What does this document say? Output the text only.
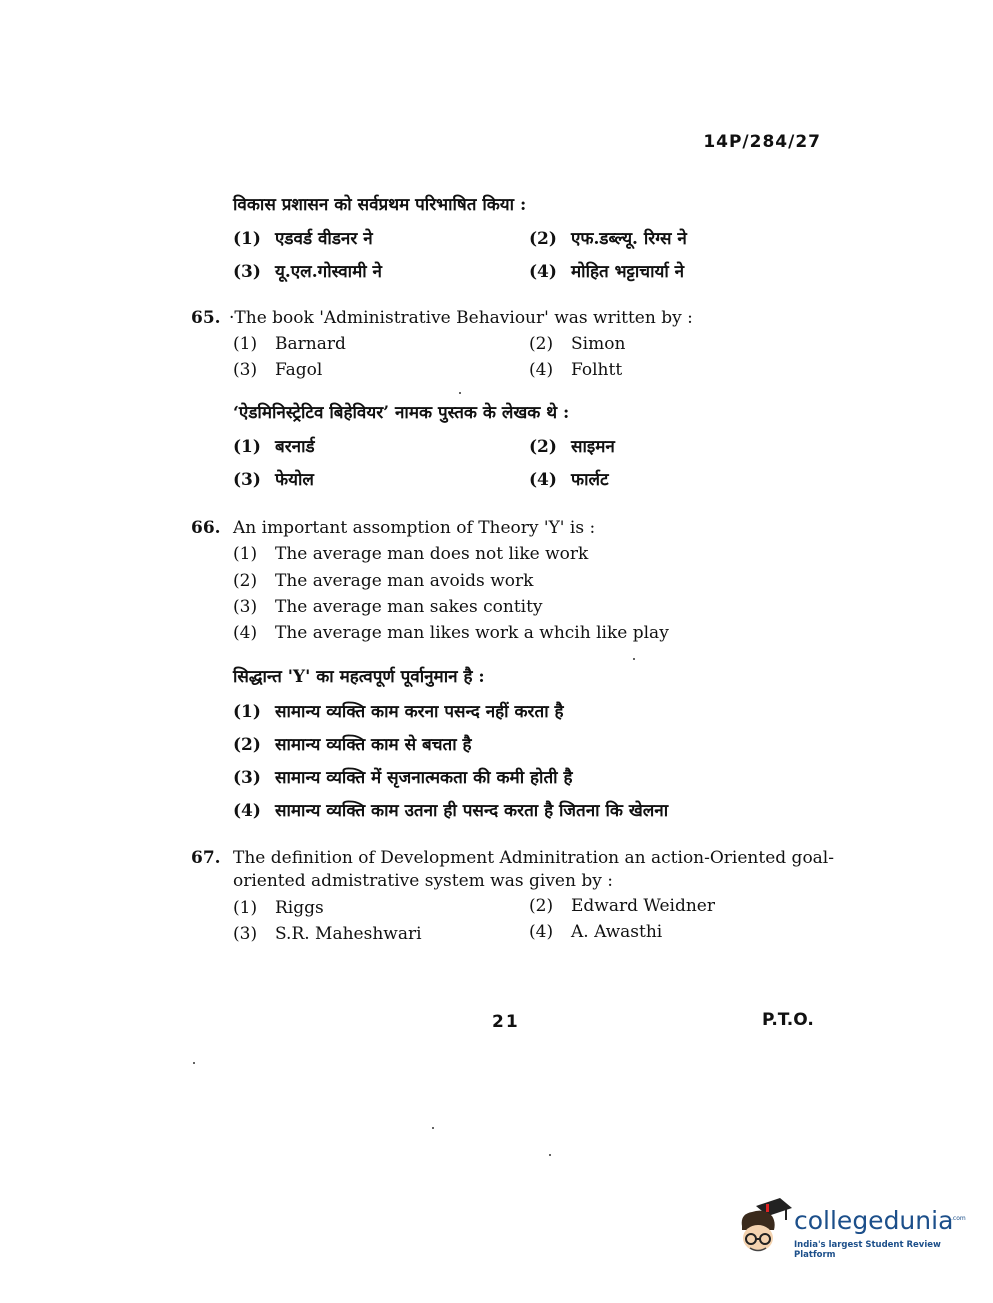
14P/284/27
विकास प्रशासन को सर्वप्रथम परिभाषित किया :
(1) एडवर्ड वीडनर ने	(2) एफ.डब्ल्यू. रिग्स ने
(3) यू.एल.गोस्वामी ने	(4) मोहित भट्टाचार्या ने
65. ·The book 'Administrative Behaviour' was written by :
(1) Barnard	(2) Simon
(3) Fagol	(4) Folhtt
‘ऐडमिनिस्ट्रेटिव बिहेवियर’ नामक पुस्तक के लेखक थे :
(1) बरनार्ड	(2) साइमन
(3) फेयोल	(4) फार्लट
66. An important assomption of Theory 'Y' is :
(1) The average man does not like work
(2) The average man avoids work
(3) The average man sakes contity
(4) The average man likes work a whcih like play
सिद्धान्त 'Y' का महत्वपूर्ण पूर्वानुमान है :
(1) सामान्य व्यक्ति काम करना पसन्द नहीं करता है
(2) सामान्य व्यक्ति काम से बचता है
(3) सामान्य व्यक्ति में सृजनात्मकता की कमी होती है
(4) सामान्य व्यक्ति काम उतना ही पसन्द करता है जितना कि खेलना
67. The definition of Development Adminitration an action-Oriented goal-
oriented admistrative system was given by :
(1) Riggs	(2) Edward Weidner
(3) S.R. Maheshwari	(4) A. Awasthi
21	P.T.O.
collegedunia
.com
India's largest Student Review Platform
